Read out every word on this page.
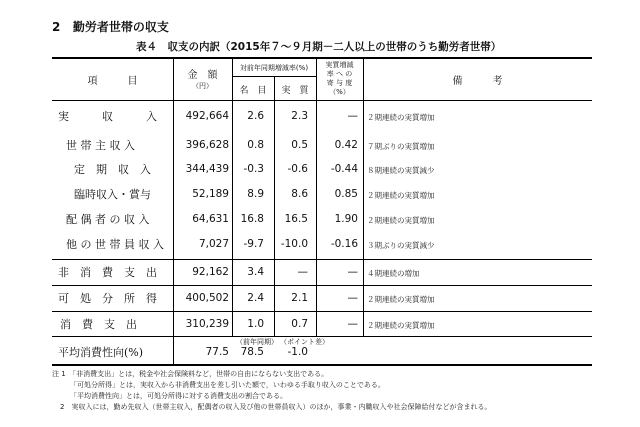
2 勤労者世帯の収支
表４　収支の内訳（2015年７～９月期－二人以上の世帯のうち勤労者世帯）
項　　　目
金　額
（円）
対前年同期増減率(%)
名　目	実　質
実質増減
率 へ の
寄 与 度
（%）
備　　　考
実　　　収　　　入	492,664	2.6	2.3	— ２期連続の実質増加
世 帯 主 収 入	396,628	0.8	0.5	0.42 ７期ぶりの実質増加
定　期　収　入	344,439	-0.3	-0.6	-0.44 ８期連続の実質減少
臨時収入・賞与	52,189	8.9	8.6	0.85 ２期連続の実質増加
配 偶 者 の 収 入	64,631	16.8	16.5	1.90 ２期連続の実質増加
他 の 世 帯 員 収 入	7,027	-9.7	-10.0	-0.16 ３期ぶりの実質減少
非　消　費　支　出	92,162	3.4	—	— ４期連続の増加
可　処　分　所　得	400,502	2.4	2.1	— ２期連続の実質増加
消　費　支　出	310,239	1.0	0.7	— ２期連続の実質増加
（前年同期） （ポイント差）
平均消費性向(%)	77.5	78.5	-1.0
注 1　「非消費支出」とは，税金や社会保険料など，世帯の自由にならない支出である。
「可処分所得」とは，実収入から非消費支出を差し引いた額で，いわゆる手取り収入のことである。
「平均消費性向」とは，可処分所得に対する消費支出の割合である。
2　実収入には，勤め先収入（世帯主収入，配偶者の収入及び他の世帯員収入）のほか，事業・内職収入や社会保障給付などが含まれる。
